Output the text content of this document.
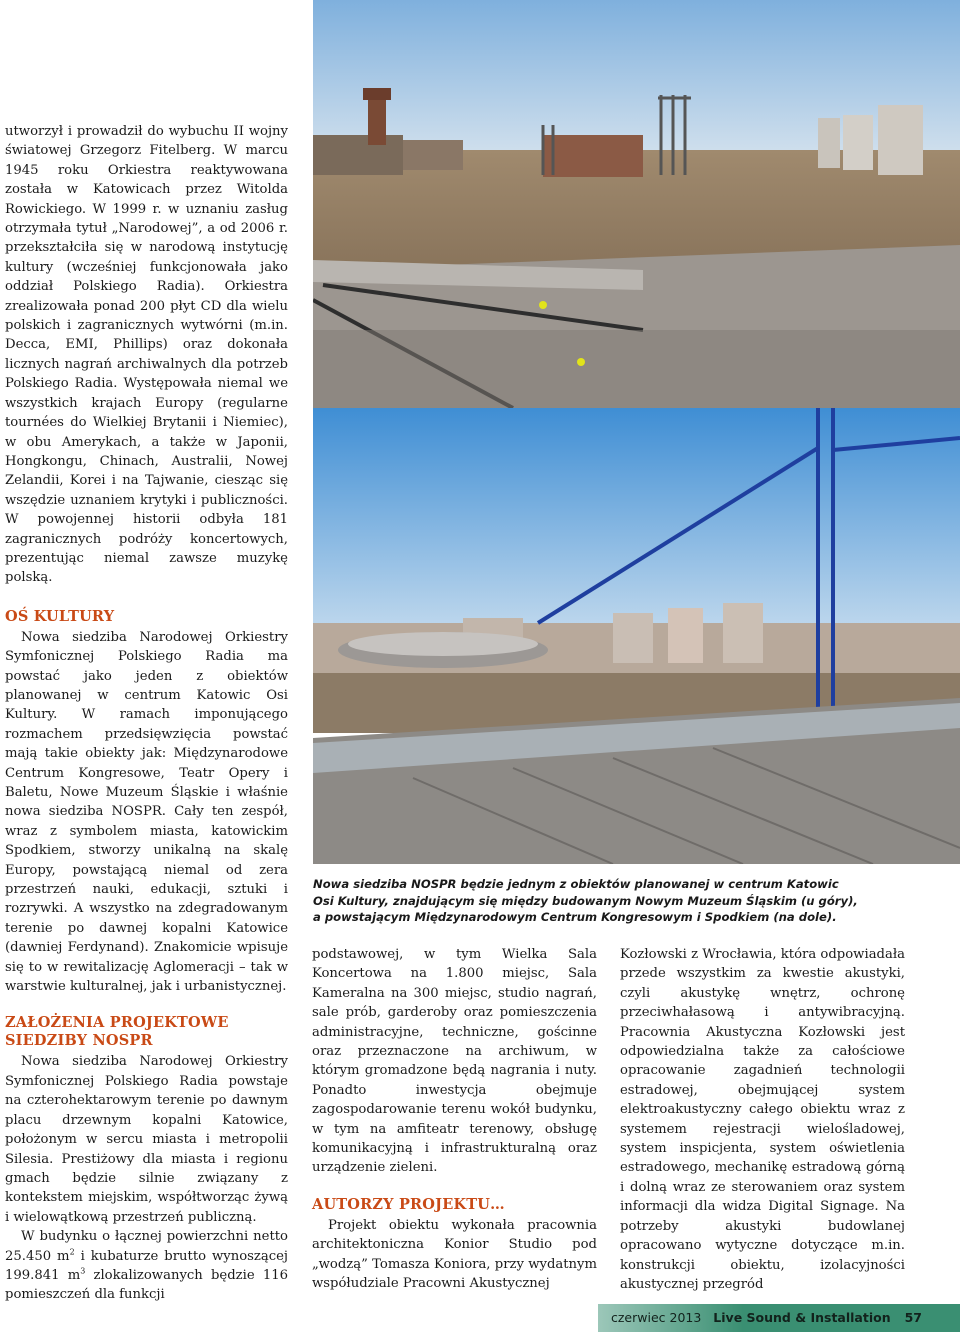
utworzył i prowadził do wybuchu II wojny światowej Grzegorz Fitelberg. W marcu 1945 roku Orkiestra reaktywowana została w Katowicach przez Witolda Rowickiego. W 1999 r. w uznaniu zasług otrzymała tytuł „Narodowej”, a od 2006 r. przekształciła się w narodową instytucję kultury (wcześniej funkcjonowała jako oddział Polskiego Radia). Orkiestra zrealizowała ponad 200 płyt CD dla wielu polskich i zagranicznych wytwórni (m.in. Decca, EMI, Phillips) oraz dokonała licznych nagrań archiwalnych dla potrzeb Polskiego Radia. Występowała niemal we wszystkich krajach Europy (regularne tournées do Wielkiej Brytanii i Niemiec), w obu Amerykach, a także w Japonii, Hongkongu, Chinach, Australii, Nowej Zelandii, Korei i na Tajwanie, ciesząc się wszędzie uznaniem krytyki i publiczności. W powojennej historii odbyła 181 zagranicznych podróży koncertowych, prezentując niemal zawsze muzykę polską.

OŚ KULTURY

Nowa siedziba Narodowej Orkiestry Symfonicznej Polskiego Radia ma powstać jako jeden z obiektów planowanej w centrum Katowic Osi Kultury. W ramach imponującego rozmachem przedsięwzięcia powstać mają takie obiekty jak: Międzynarodowe Centrum Kongresowe, Teatr Opery i Baletu, Nowe Muzeum Śląskie i właśnie nowa siedziba NOSPR. Cały ten zespół, wraz z symbolem miasta, katowickim Spodkiem, stworzy unikalną na skalę Europy, powstającą niemal od zera przestrzeń nauki, edukacji, sztuki i rozrywki. A wszystko na zdegradowanym terenie po dawnej kopalni Katowice (dawniej Ferdynand). Znakomicie wpisuje się to w rewitalizację Aglomeracji – tak w warstwie kulturalnej, jak i urbanistycznej.

ZAŁOŻENIA PROJEKTOWE SIEDZIBY NOSPR

Nowa siedziba Narodowej Orkiestry Symfonicznej Polskiego Radia powstaje na czterohektarowym terenie po dawnym placu drzewnym kopalni Katowice, położonym w sercu miasta i metropolii Silesia. Prestiżowy dla miasta i regionu gmach będzie silnie związany z kontekstem miejskim, współtworząc żywą i wielowątkową przestrzeń publiczną.

W budynku o łącznej powierzchni netto 25.450 $m^2$ i kubaturze brutto wynoszącej 199.841 $m^3$ zlokalizowanych będzie 116 pomieszczeń dla funkcji

Nowa siedziba NOSPR będzie jednym z obiektów planowanej w centrum Katowic
Osi Kultury, znajdującym się między budowanym Nowym Muzeum Śląskim (u góry),
a powstającym Międzynarodowym Centrum Kongresowym i Spodkiem (na dole).

podstawowej, w tym Wielka Sala Koncertowa na 1.800 miejsc, Sala Kameralna na 300 miejsc, studio nagrań, sale prób, garderoby oraz pomieszczenia administracyjne, techniczne, gościnne oraz przeznaczone na archiwum, w którym gromadzone będą nagrania i nuty. Ponadto inwestycja obejmuje zagospodarowanie terenu wokół budynku, w tym na amfiteatr terenowy, obsługę komunikacyjną i infrastrukturalną oraz urządzenie zieleni.

AUTORZY PROJEKTU…

Projekt obiektu wykonała pracownia architektoniczna Konior Studio pod „wodzą” Tomasza Koniora, przy wydatnym współudziale Pracowni Akustycznej

Kozłowski z Wrocławia, która odpowiadała przede wszystkim za kwestie akustyki, czyli akustykę wnętrz, ochronę przeciwhałasową i antywibracyjną. Pracownia Akustyczna Kozłowski jest odpowiedzialna także za całościowe opracowanie zagadnień technologii estradowej, obejmującej system elektroakustyczny całego obiektu wraz z systemem rejestracji wielośladowej, system inspicjenta, system oświetlenia estradowego, mechanikę estradową górną i dolną wraz ze sterowaniem oraz system informacji dla widza Digital Signage. Na potrzeby akustyki budowlanej opracowano wytyczne dotyczące m.in. konstrukcji obiektu, izolacyjności akustycznej przegród

czerwiec 2013 Live Sound & Installation 57
